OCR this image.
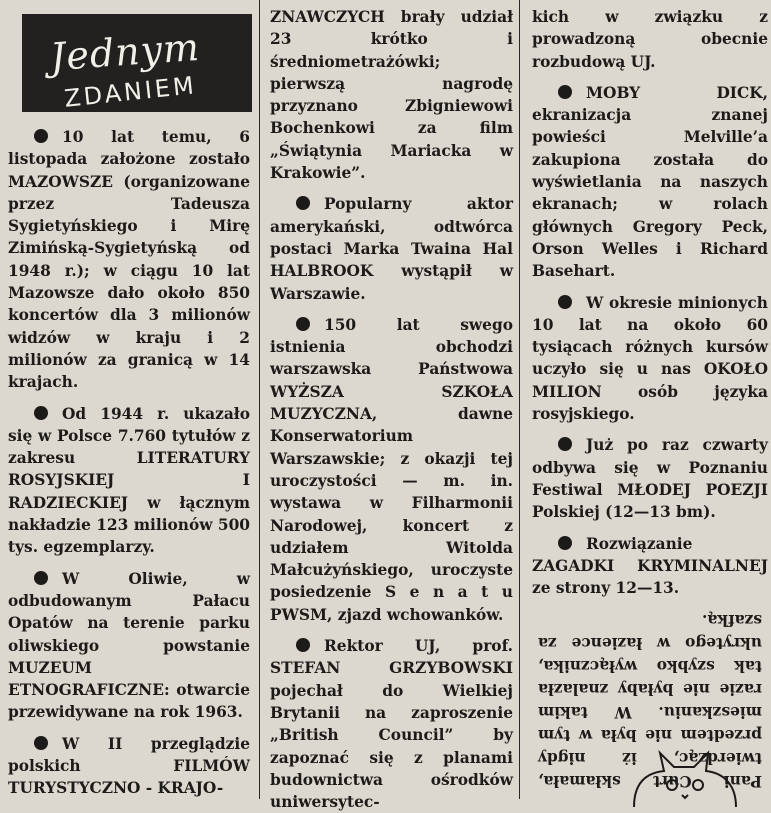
Jednym
ZDANIEM

10 lat temu, 6 listopada założone zostało MAZOWSZE (organizowane przez Tadeusza Sygietyńskiego i Mirę Zimińską-Sygietyńską od 1948 r.); w ciągu 10 lat Mazowsze dało około 850 koncertów dla 3 milionów widzów w kraju i 2 milionów za granicą w 14 krajach.

Od 1944 r. ukazało się w Polsce 7.760 tytułów z zakresu LITERATURY ROSYJSKIEJ I RADZIECKIEJ w łącznym nakładzie 123 milionów 500 tys. egzemplarzy.

W Oliwie, w odbudowanym Pałacu Opatów na terenie parku oliwskiego powstanie MUZEUM ETNOGRAFICZNE: otwarcie przewidywane na rok 1963.

W II przeglądzie polskich FILMÓW TURYSTYCZNO - KRAJO-

ZNAWCZYCH brały udział 23 krótko i średniometrażówki; pierwszą nagrodę przyznano Zbigniewowi Bochenkowi za film „Świątynia Mariacka w Krakowie”.

Popularny aktor amerykański, odtwórca postaci Marka Twaina Hal HALBROOK wystąpił w Warszawie.

150 lat swego istnienia obchodzi warszawska Państwowa WYŻSZA SZKOŁA MUZYCZNA, dawne Konserwatorium Warszawskie; z okazji tej uroczystości — m. in. wystawa w Filharmonii Narodowej, koncert z udziałem Witolda Małcużyńskiego, uroczyste posiedzenie S e n a t u PWSM, zjazd wchowanków.

Rektor UJ, prof. STEFAN GRZYBOWSKI pojechał do Wielkiej Brytanii na zaproszenie „British Council” by zapoznać się z planami budownictwa ośrodków uniwersytec-

kich w związku z prowadzoną obecnie rozbudową UJ.

MOBY DICK, ekranizacja znanej powieści Melville’a zakupiona została do wyświetlania na naszych ekranach; w rolach głównych Gregory Peck, Orson Welles i Richard Basehart.

W okresie minionych 10 lat na około 60 tysiącach różnych kursów uczyło się u nas OKOŁO MILION osób języka rosyjskiego.

Już po raz czwarty odbywa się w Poznaniu Festiwal MŁODEJ POEZJI Polskiej (12—13 bm).

Rozwiązanie ZAGADKI KRYMINALNEJ ze strony 12—13.

Pani Curt skłamała, twierdząc, iż nigdy przedtem nie była w tym mieszkaniu. W takim razie nie byłaby znalazła tak szybko wyłącznika, ukrytego w łazience za szafką.
